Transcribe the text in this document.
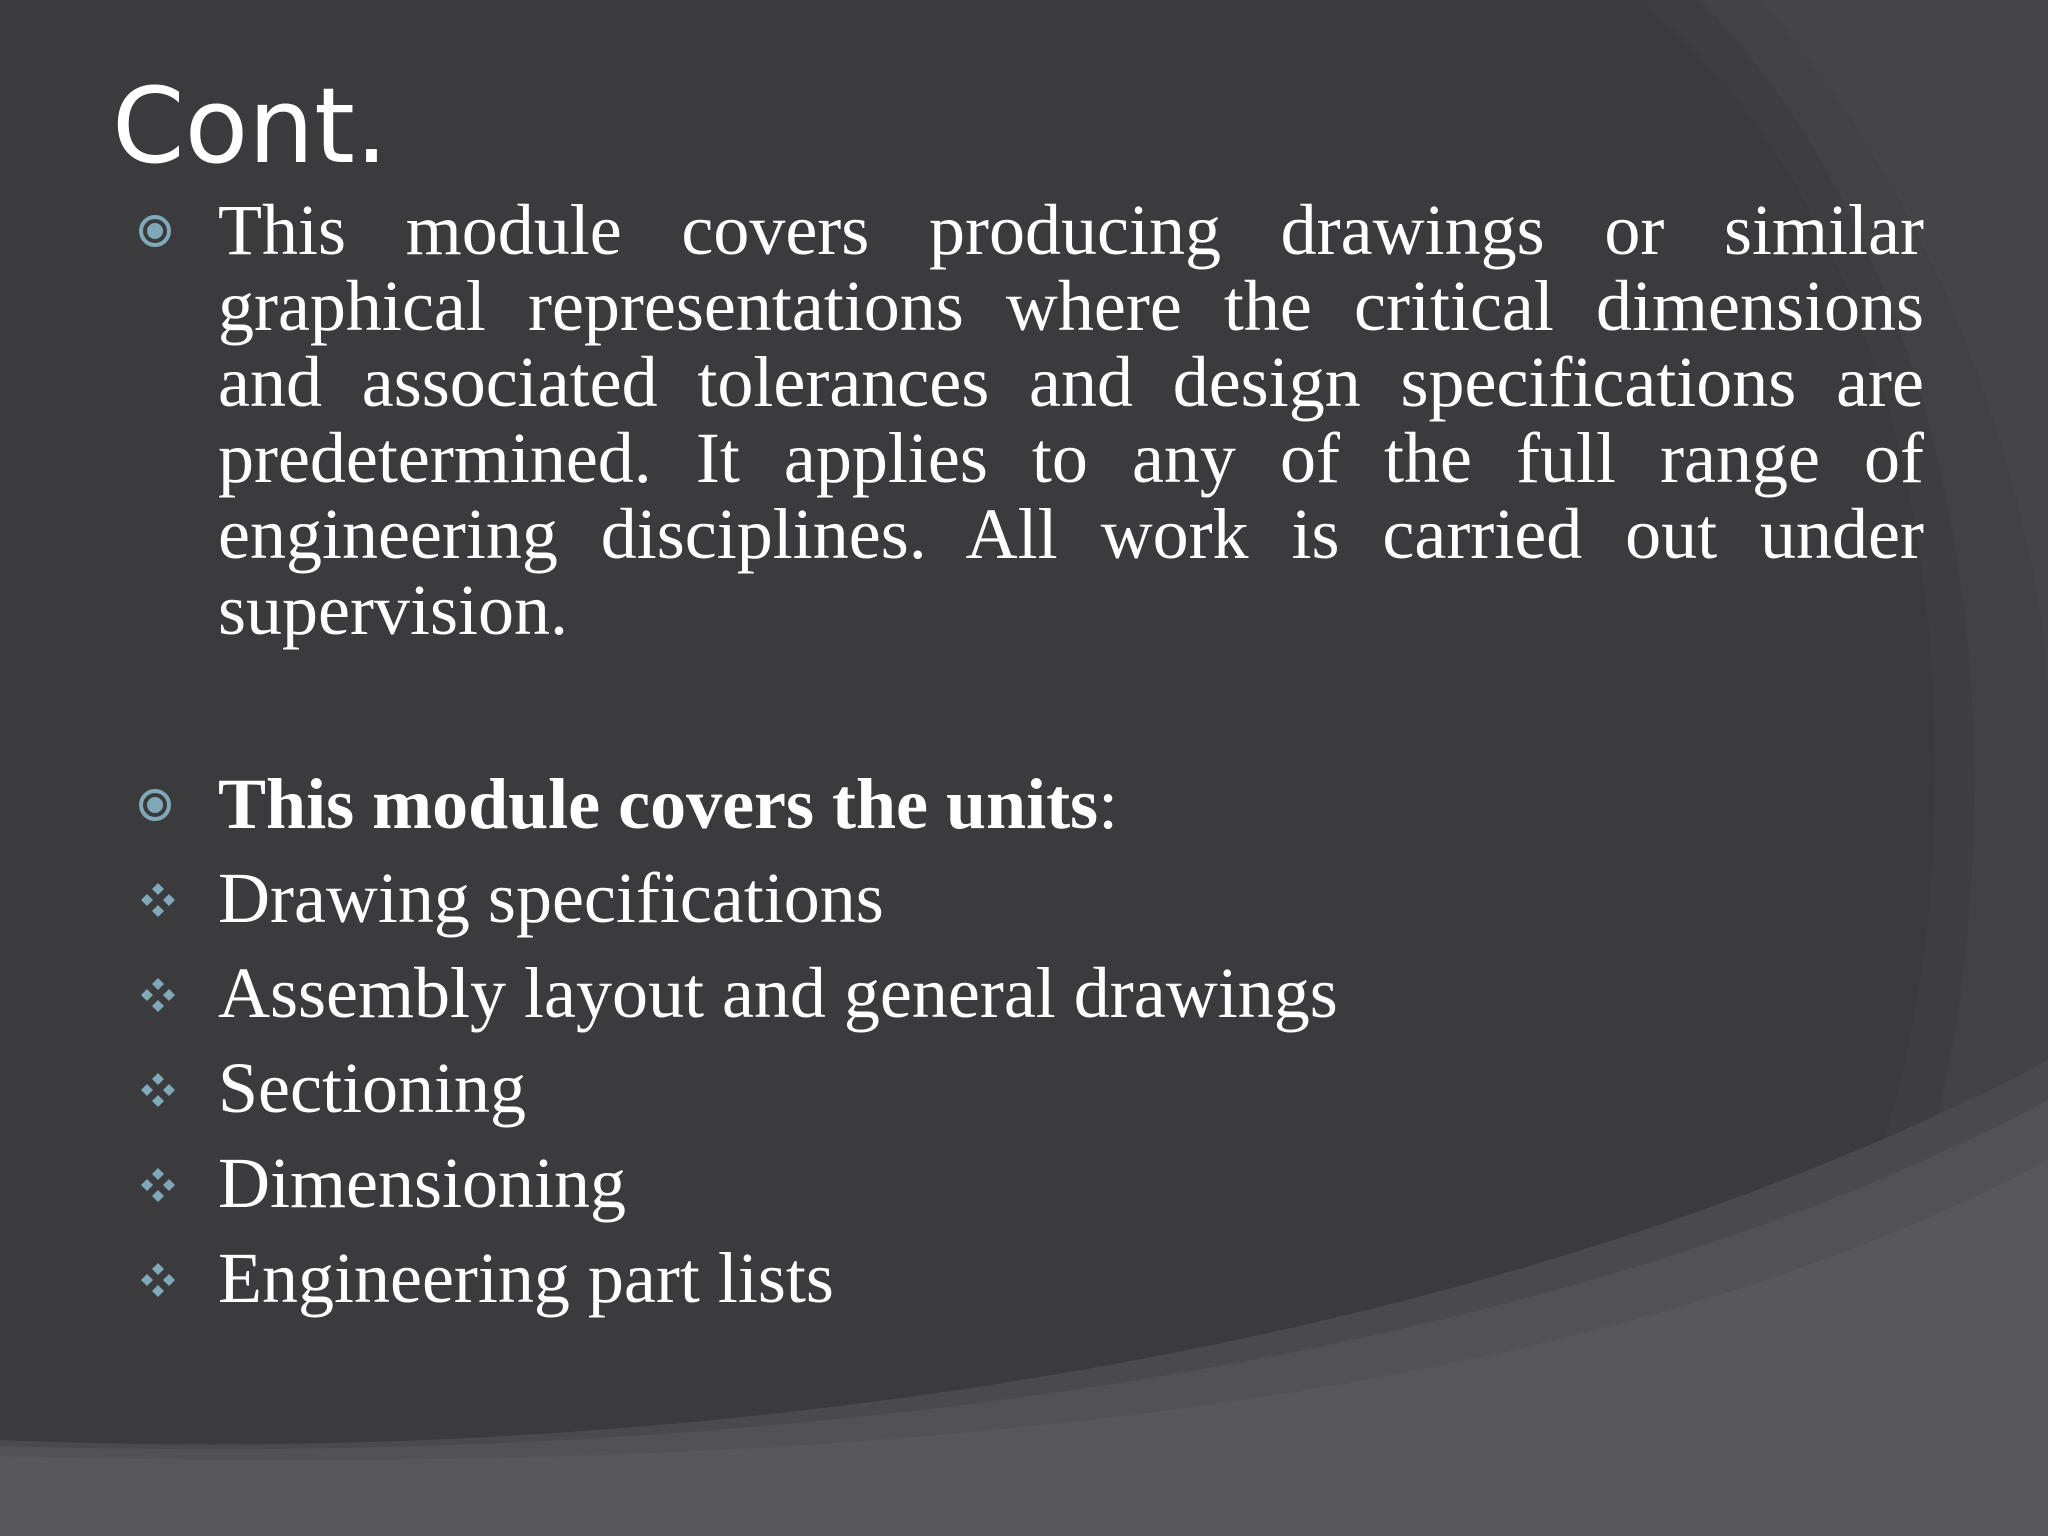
Cont.

This module covers producing drawings or similar graphical representations where the critical dimensions and associated tolerances and design specifications are predetermined. It applies to any of the full range of engineering disciplines. All work is carried out under supervision.

This module covers the units:

Drawing specifications

Assembly layout and general drawings

Sectioning

Dimensioning

Engineering part lists
